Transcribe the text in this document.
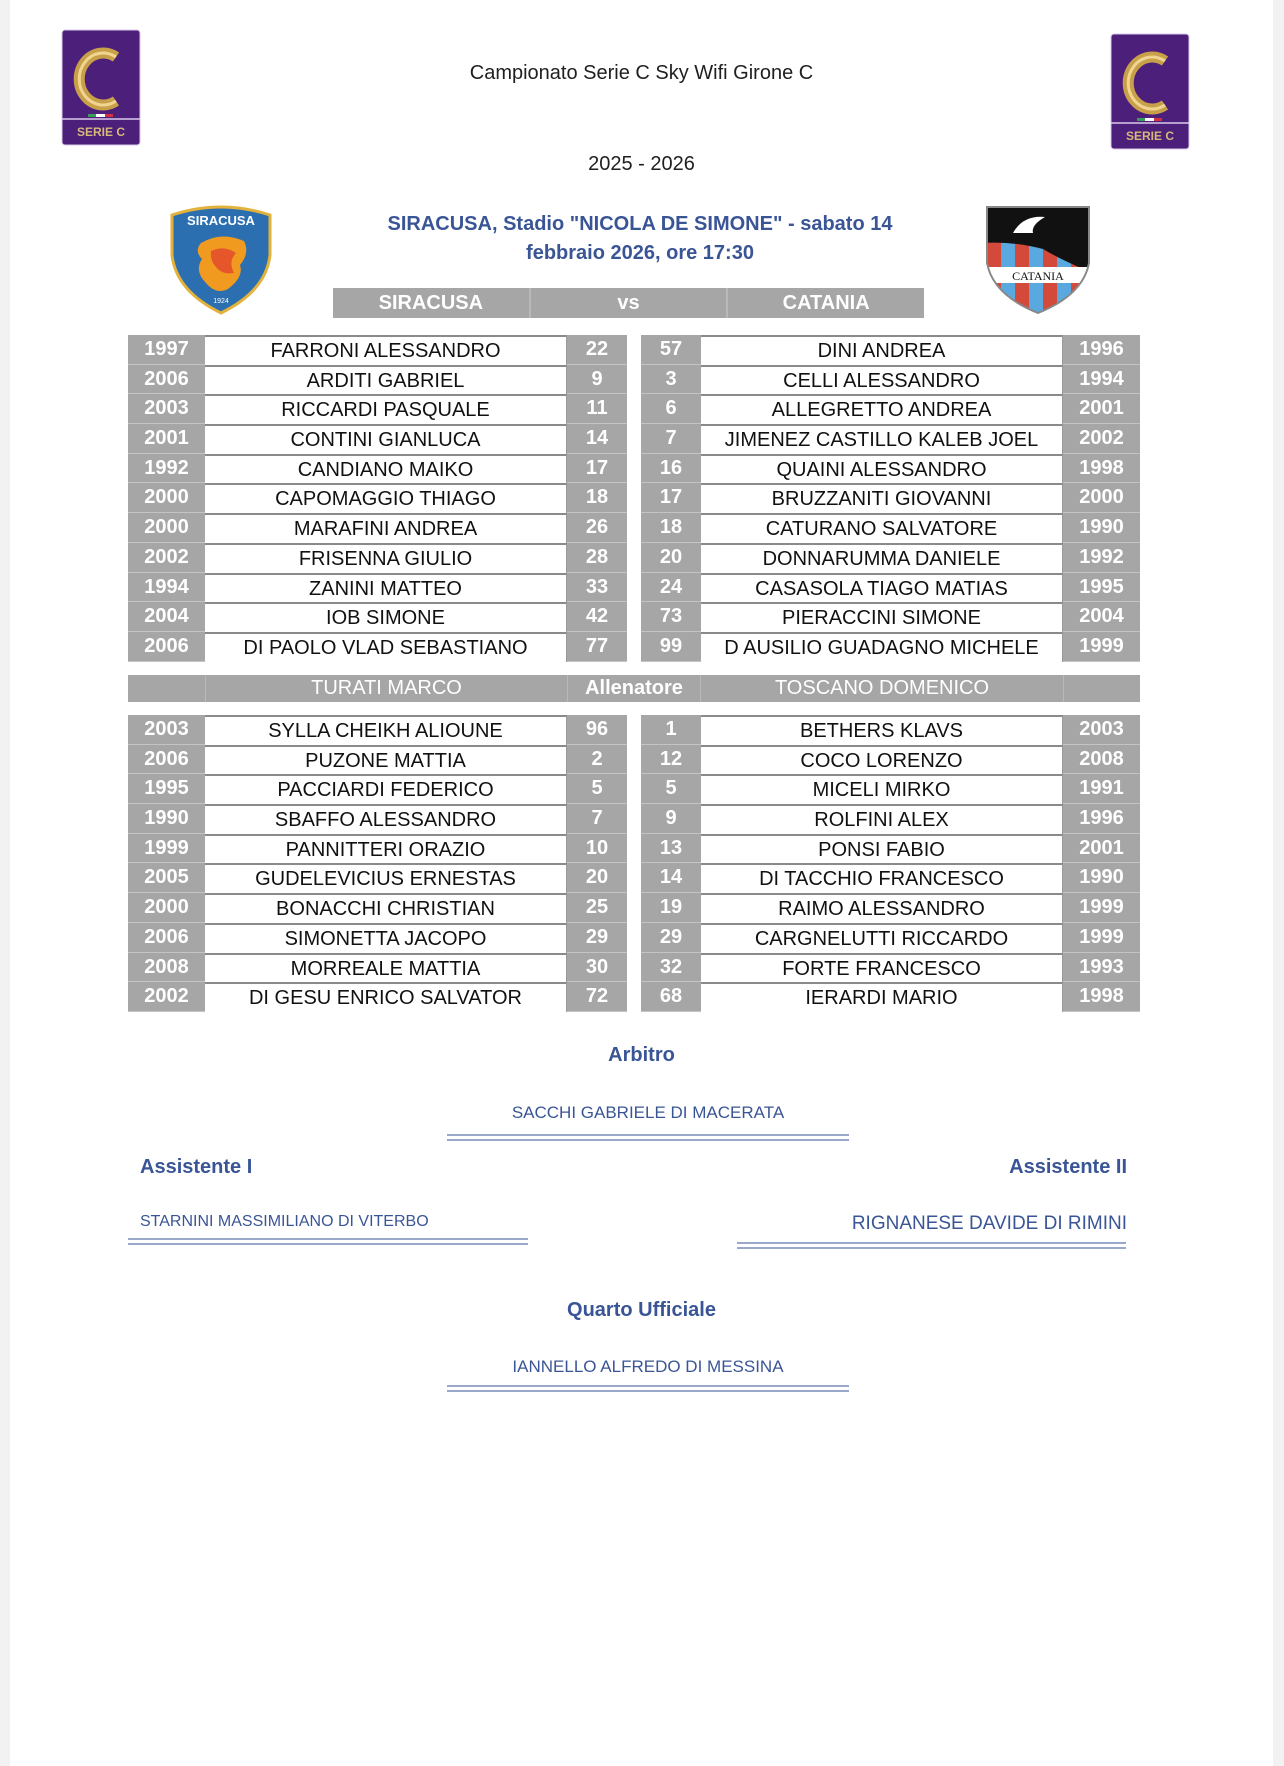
SERIE C	SERIE C
Campionato Serie C Sky Wifi Girone C
2025 - 2026
SIRACUSA
1924
CATANIA
SIRACUSA, Stadio "NICOLA DE SIMONE" - sabato 14
febbraio 2026, ore 17:30
SIRACUSA	vs	CATANIA
1997	FARRONI ALESSANDRO	22	57	DINI ANDREA	1996
2006	ARDITI GABRIEL	9	3	CELLI ALESSANDRO	1994
2003	RICCARDI PASQUALE	11	6	ALLEGRETTO ANDREA	2001
2001	CONTINI GIANLUCA	14	7	JIMENEZ CASTILLO KALEB JOEL	2002
1992	CANDIANO MAIKO	17	16	QUAINI ALESSANDRO	1998
2000	CAPOMAGGIO THIAGO	18	17	BRUZZANITI GIOVANNI	2000
2000	MARAFINI ANDREA	26	18	CATURANO SALVATORE	1990
2002	FRISENNA GIULIO	28	20	DONNARUMMA DANIELE	1992
1994	ZANINI MATTEO	33	24	CASASOLA TIAGO MATIAS	1995
2004	IOB SIMONE	42	73	PIERACCINI SIMONE	2004
2006	DI PAOLO VLAD SEBASTIANO	77	99	D AUSILIO GUADAGNO MICHELE	1999
TURATI MARCO	Allenatore	TOSCANO DOMENICO
2003	SYLLA CHEIKH ALIOUNE	96	1	BETHERS KLAVS	2003
2006	PUZONE MATTIA	2	12	COCO LORENZO	2008
1995	PACCIARDI FEDERICO	5	5	MICELI MIRKO	1991
1990	SBAFFO ALESSANDRO	7	9	ROLFINI ALEX	1996
1999	PANNITTERI ORAZIO	10	13	PONSI FABIO	2001
2005	GUDELEVICIUS ERNESTAS	20	14	DI TACCHIO FRANCESCO	1990
2000	BONACCHI CHRISTIAN	25	19	RAIMO ALESSANDRO	1999
2006	SIMONETTA JACOPO	29	29	CARGNELUTTI RICCARDO	1999
2008	MORREALE MATTIA	30	32	FORTE FRANCESCO	1993
2002	DI GESU ENRICO SALVATOR	72	68	IERARDI MARIO	1998
Arbitro
SACCHI GABRIELE DI MACERATA
Assistente I	Assistente II
STARNINI MASSIMILIANO DI VITERBO	RIGNANESE DAVIDE DI RIMINI
Quarto Ufficiale
IANNELLO ALFREDO DI MESSINA
